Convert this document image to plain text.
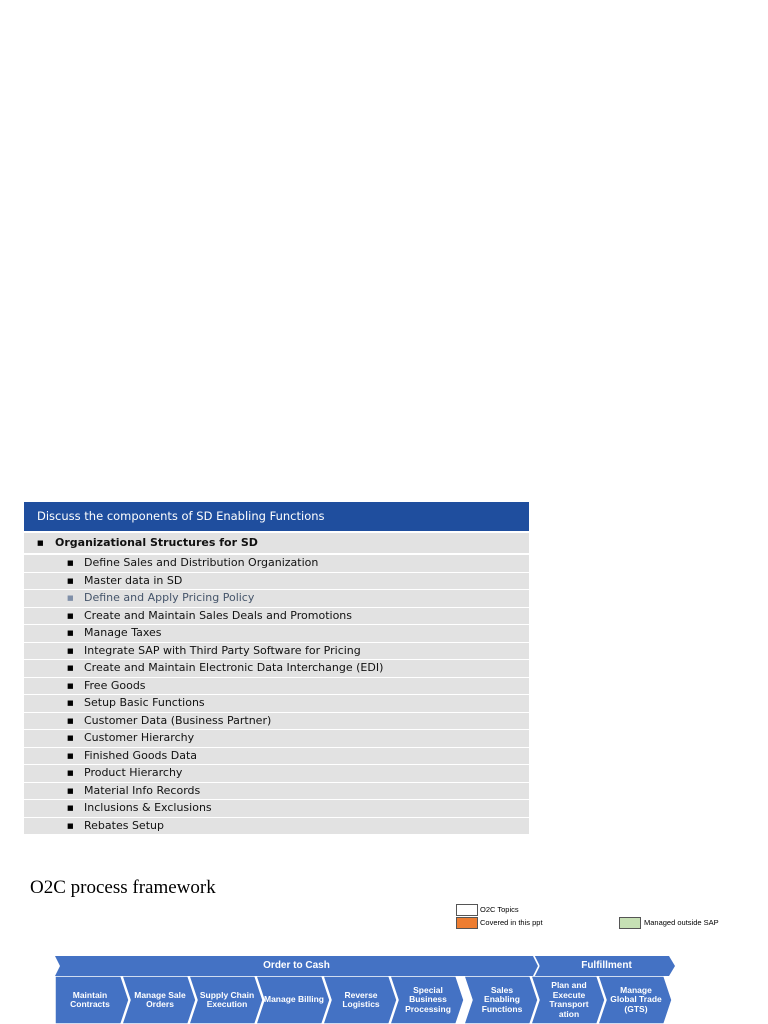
Discuss the components of SD Enabling Functions
■ Organizational Structures for SD
■ Define Sales and Distribution Organization
■ Master data in SD
■ Define and Apply Pricing Policy
■ Create and Maintain Sales Deals and Promotions
■ Manage Taxes
■ Integrate SAP with Third Party Software for Pricing
■ Create and Maintain Electronic Data Interchange (EDI)
■ Free Goods
■ Setup Basic Functions
■ Customer Data (Business Partner)
■ Customer Hierarchy
■ Finished Goods Data
■ Product Hierarchy
■ Material Info Records
■ Inclusions & Exclusions
■ Rebates Setup
O2C process framework
O2C Topics
Covered in this ppt	Managed outside SAP
Order to Cash	Fulfillment
Maintain Contracts
Manage Sale Orders
Supply Chain Execution	Manage Billing	Reverse Logistics
Special Business Processing
Sales Enabling Functions
Plan and Execute Transport ation
Manage Global Trade (GTS)
